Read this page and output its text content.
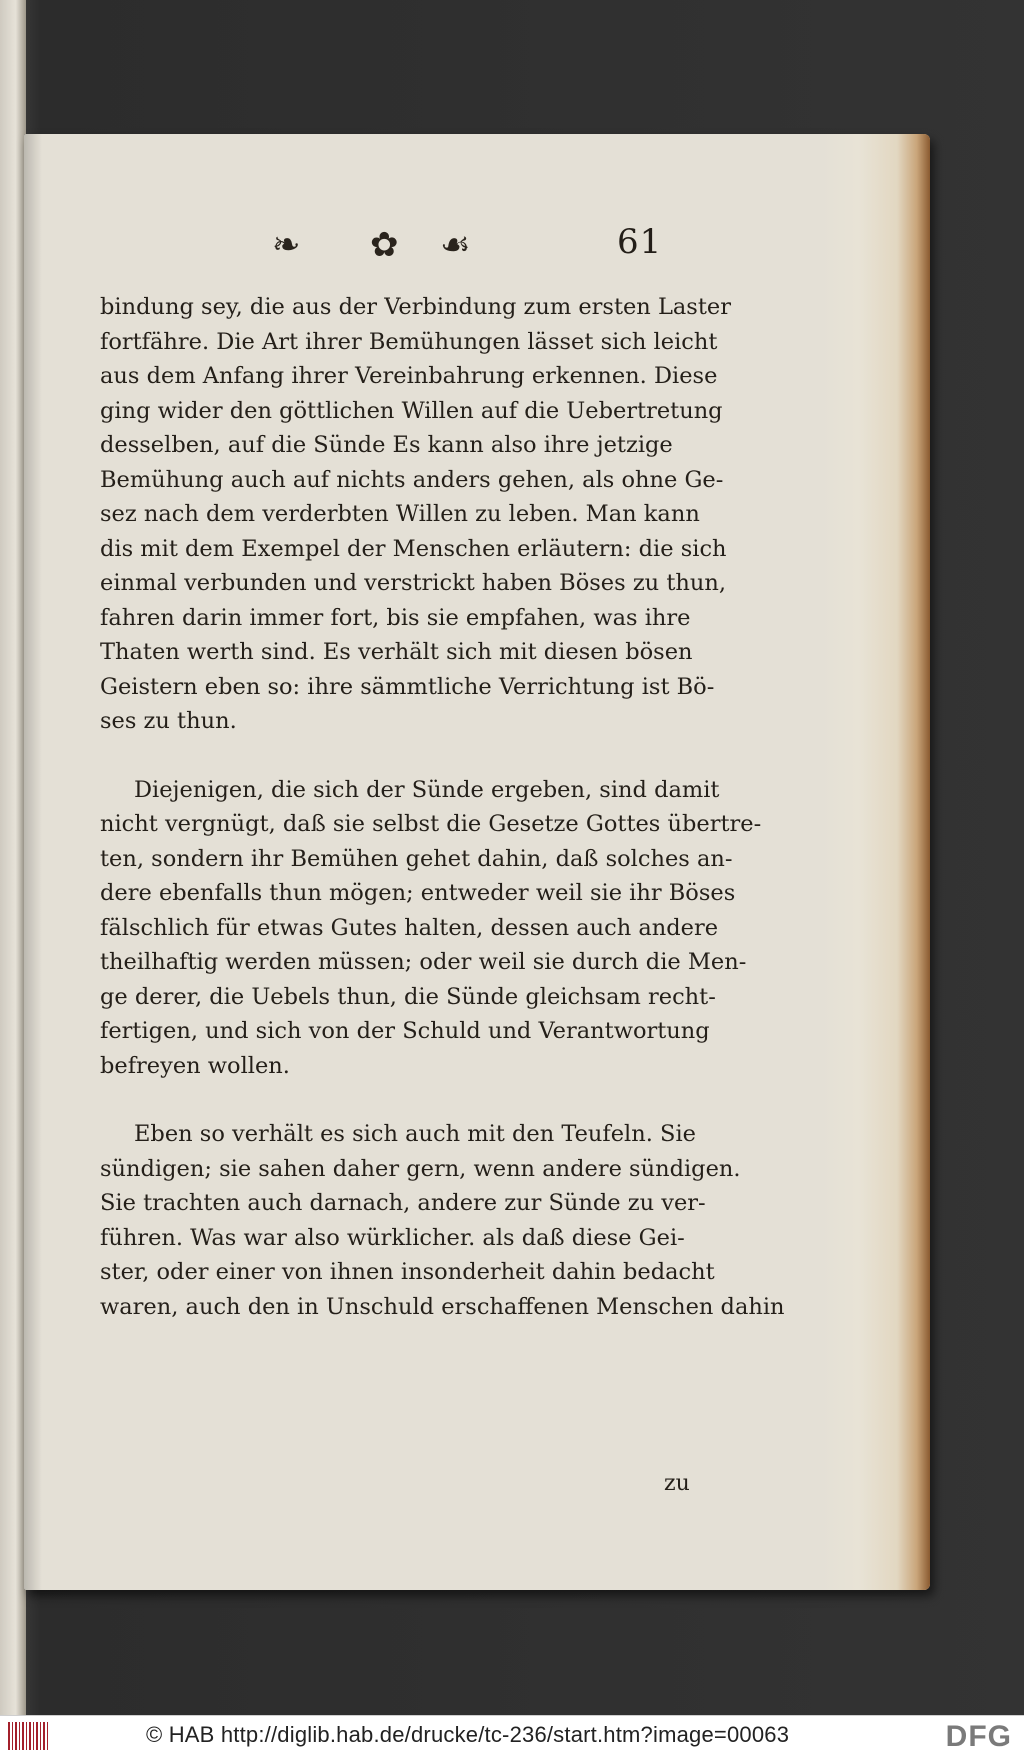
❧ ✿ ☙	61

bindung sey, die aus der Verbindung zum ersten Laster

fortfähre. Die Art ihrer Bemühungen lässet sich leicht

aus dem Anfang ihrer Vereinbahrung erkennen. Diese

ging wider den göttlichen Willen auf die Uebertretung

desselben, auf die Sünde Es kann also ihre jetzige

Bemühung auch auf nichts anders gehen, als ohne Ge-

sez nach dem verderbten Willen zu leben. Man kann

dis mit dem Exempel der Menschen erläutern: die sich

einmal verbunden und verstrickt haben Böses zu thun,

fahren darin immer fort, bis sie empfahen, was ihre

Thaten werth sind. Es verhält sich mit diesen bösen

Geistern eben so: ihre sämmtliche Verrichtung ist Bö-

ses zu thun.

Diejenigen, die sich der Sünde ergeben, sind damit

nicht vergnügt, daß sie selbst die Gesetze Gottes übertre-

ten, sondern ihr Bemühen gehet dahin, daß solches an-

dere ebenfalls thun mögen; entweder weil sie ihr Böses

fälschlich für etwas Gutes halten, dessen auch andere

theilhaftig werden müssen; oder weil sie durch die Men-

ge derer, die Uebels thun, die Sünde gleichsam recht-

fertigen, und sich von der Schuld und Verantwortung

befreyen wollen.

Eben so verhält es sich auch mit den Teufeln. Sie

sündigen; sie sahen daher gern, wenn andere sündigen.

Sie trachten auch darnach, andere zur Sünde zu ver-

führen. Was war also würklicher. als daß diese Gei-

ster, oder einer von ihnen insonderheit dahin bedacht

waren, auch den in Unschuld erschaffenen Menschen dahin

zu
© HAB http://diglib.hab.de/drucke/tc-236/start.htm?image=00063	DFG
